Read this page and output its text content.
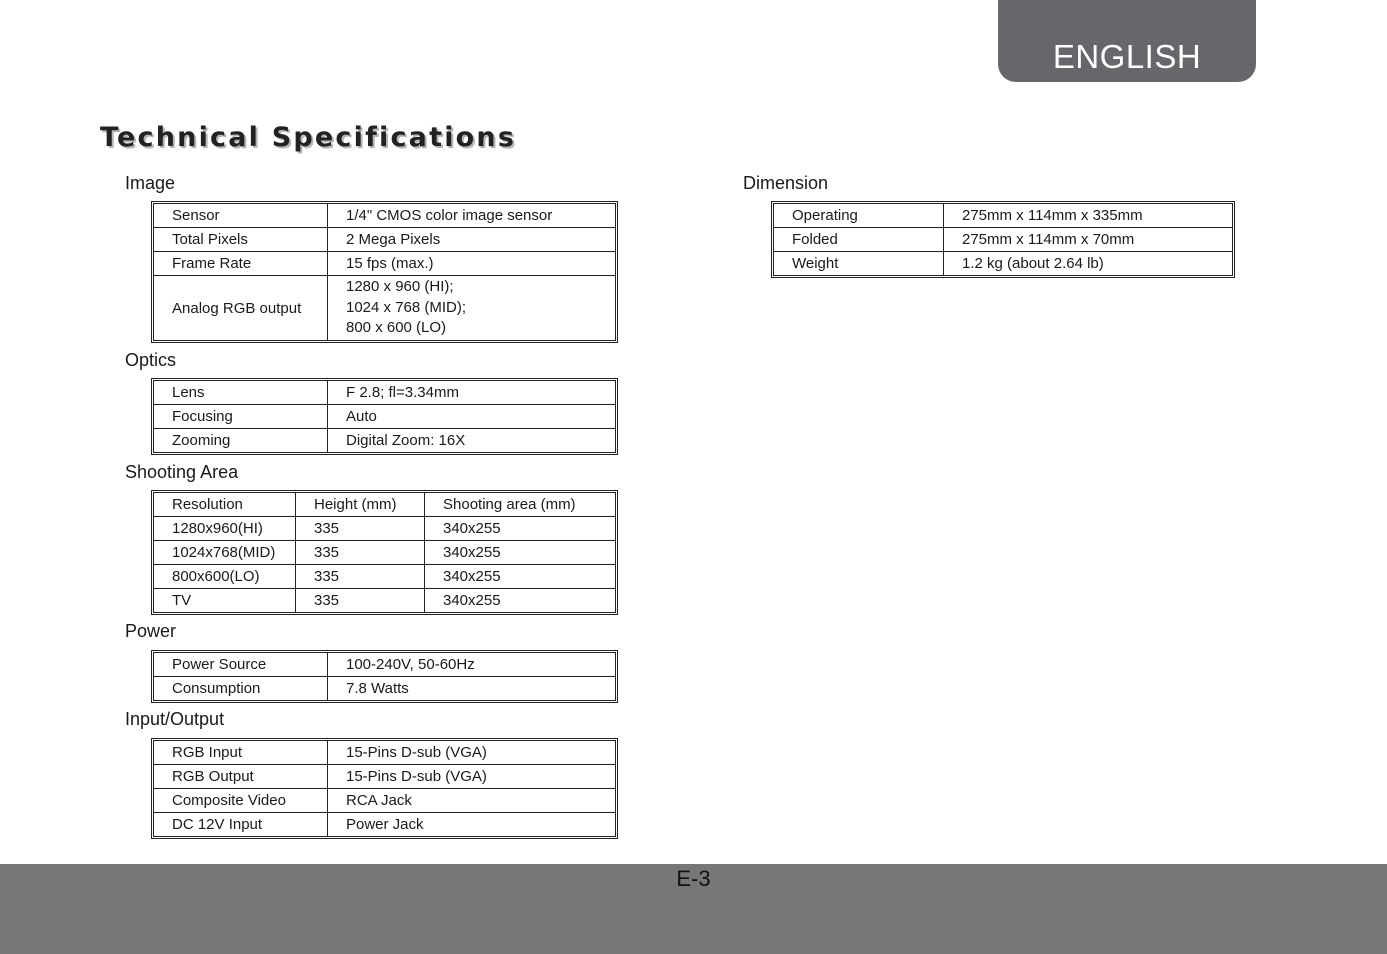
ENGLISH
Technical Specifications

Image

Sensor	1/4" CMOS color image sensor
Total Pixels	2 Mega Pixels
Frame Rate	15 fps (max.)
Analog RGB output	1280 x 960 (HI);
1024 x 768 (MID);
800 x 600 (LO)

Optics

Lens	F 2.8; fl=3.34mm
Focusing	Auto
Zooming	Digital Zoom: 16X

Shooting Area

Resolution	Height (mm)	Shooting area (mm)
1280x960(HI)	335	340x255
1024x768(MID)	335	340x255
800x600(LO)	335	340x255
TV	335	340x255

Power

Power Source	100-240V, 50-60Hz
Consumption	7.8 Watts

Input/Output

RGB Input	15-Pins D-sub (VGA)
RGB Output	15-Pins D-sub (VGA)
Composite Video	RCA Jack
DC 12V Input	Power Jack

Dimension

Operating	275mm x 114mm x 335mm
Folded	275mm x 114mm x 70mm
Weight	1.2 kg (about 2.64 lb)
E-3
